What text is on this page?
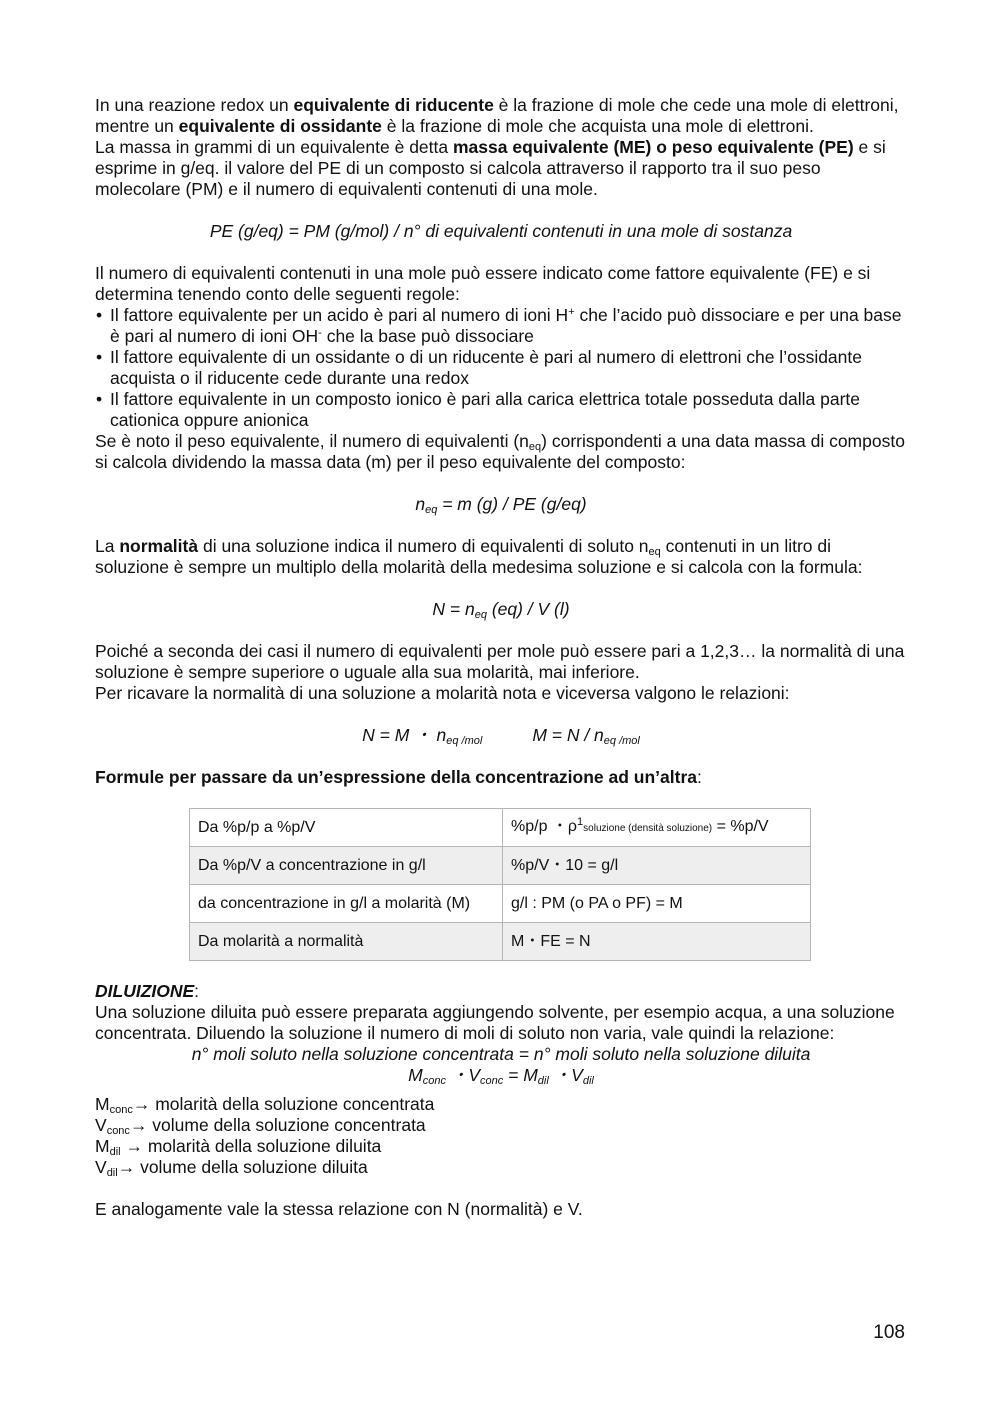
In una reazione redox un equivalente di riducente è la frazione di mole che cede una mole di elettroni, mentre un equivalente di ossidante è la frazione di mole che acquista una mole di elettroni.

La massa in grammi di un equivalente è detta massa equivalente (ME) o peso equivalente (PE) e si esprime in g/eq. il valore del PE di un composto si calcola attraverso il rapporto tra il suo peso molecolare (PM) e il numero di equivalenti contenuti di una mole.

PE (g/eq) = PM (g/mol) / n° di equivalenti contenuti in una mole di sostanza

Il numero di equivalenti contenuti in una mole può essere indicato come fattore equivalente (FE) e si determina tenendo conto delle seguenti regole:

• Il fattore equivalente per un acido è pari al numero di ioni H+ che l’acido può dissociare e per una base è pari al numero di ioni OH- che la base può dissociare
• Il fattore equivalente di un ossidante o di un riducente è pari al numero di elettroni che l’ossidante acquista o il riducente cede durante una redox
• Il fattore equivalente in un composto ionico è pari alla carica elettrica totale posseduta dalla parte cationica oppure anionica

Se è noto il peso equivalente, il numero di equivalenti $(n_{eq})$ corrispondenti a una data massa di composto si calcola dividendo la massa data (m) per il peso equivalente del composto:

$n_{eq} = m$ (g) / PE (g/eq)

La normalità di una soluzione indica il numero di equivalenti di soluto $n_{eq}$ contenuti in un litro di soluzione è sempre un multiplo della molarità della medesima soluzione e si calcola con la formula:

$N = n_{eq}$ (eq) / V (l)

Poiché a seconda dei casi il numero di equivalenti per mole può essere pari a 1,2,3… la normalità di una soluzione è sempre superiore o uguale alla sua molarità, mai inferiore.

Per ricavare la normalità di una soluzione a molarità nota e viceversa valgono le relazioni:

N = M ・ $n_{eq /mol}$	$M = N / n_{eq /mol}$

Formule per passare da un’espressione della concentrazione ad un’altra:

Da %p/p a %p/V	%p/p ・$\rho^1soluzione$ (densità soluzione) = %p/V
Da %p/V a concentrazione in g/l	%p/V・10 = g/l
da concentrazione in g/l a molarità (M)	g/l : PM (o PA o PF) = M
Da molarità a normalità	M・FE = N

DILUIZIONE:

Una soluzione diluita può essere preparata aggiungendo solvente, per esempio acqua, a una soluzione concentrata. Diluendo la soluzione il numero di moli di soluto non varia, vale quindi la relazione:

n° moli soluto nella soluzione concentrata = n° moli soluto nella soluzione diluita

$M_{conc}$ ・$V_{conc} = M_{dil}$ ・$V_{dil}$

$M_{conc}\to$ molarità della soluzione concentrata

$V_{conc}\to$ volume della soluzione concentrata

$M_{dil}$ → molarità della soluzione diluita

$V_{dil}\to$ volume della soluzione diluita

E analogamente vale la stessa relazione con N (normalità) e V.

108
